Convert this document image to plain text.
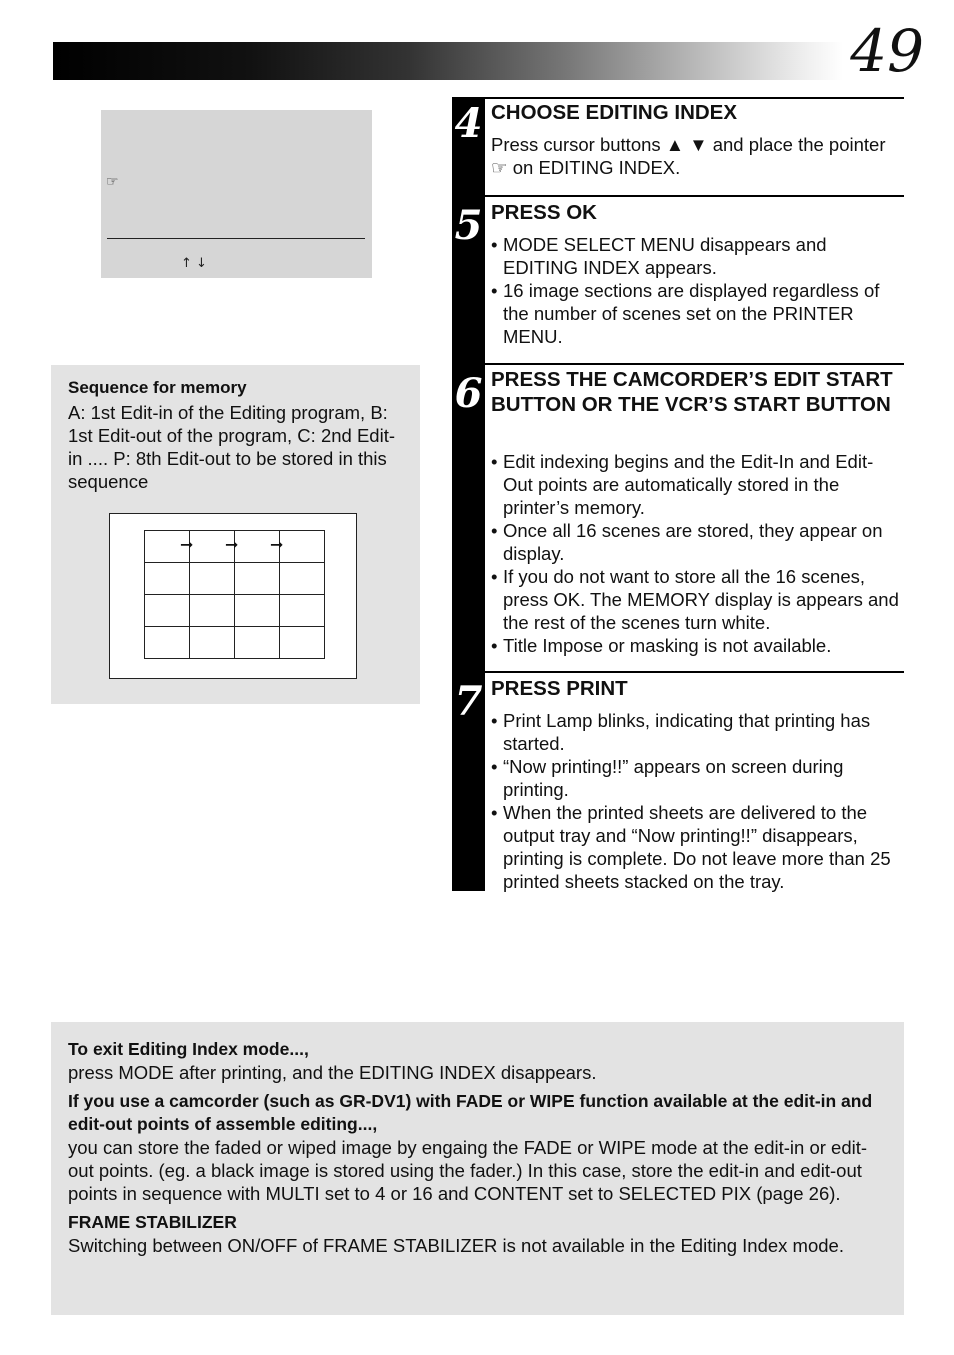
49
☞
↑ ↓
Sequence for memory
A: 1st Edit-in of the Editing program, B: 1st Edit-out of the program, C: 2nd Edit-in .... P: 8th Edit-out to be stored in this sequence
➞ ➞ ➞
4 CHOOSE EDITING INDEX
Press cursor buttons ▲ ▼ and place the pointer ☞ on EDITING INDEX.
5 PRESS OK
• MODE SELECT MENU disappears and EDITING INDEX appears.
• 16 image sections are displayed regardless of the number of scenes set on the PRINTER MENU.
6 PRESS THE CAMCORDER’S EDIT START BUTTON OR THE VCR’S START BUTTON
• Edit indexing begins and the Edit-In and Edit-Out points are automatically stored in the printer’s memory.
• Once all 16 scenes are stored, they appear on display.
• If you do not want to store all the 16 scenes, press OK. The MEMORY display is appears and the rest of the scenes turn white.
• Title Impose or masking is not available.
7 PRESS PRINT
• Print Lamp blinks, indicating that printing has started.
• “Now printing!!” appears on screen during printing.
• When the printed sheets are delivered to the output tray and “Now printing!!” disappears, printing is complete. Do not leave more than 25 printed sheets stacked on the tray.
To exit Editing Index mode...,
press MODE after printing, and the EDITING INDEX disappears.
If you use a camcorder (such as GR-DV1) with FADE or WIPE function available at the edit-in and edit-out points of assemble editing...,
you can store the faded or wiped image by engaing the FADE or WIPE mode at the edit-in or edit-out points. (eg. a black image is stored using the fader.) In this case, store the edit-in and edit-out points in sequence with MULTI set to 4 or 16 and CONTENT set to SELECTED PIX (page 26).
FRAME STABILIZER
Switching between ON/OFF of FRAME STABILIZER is not available in the Editing Index mode.
